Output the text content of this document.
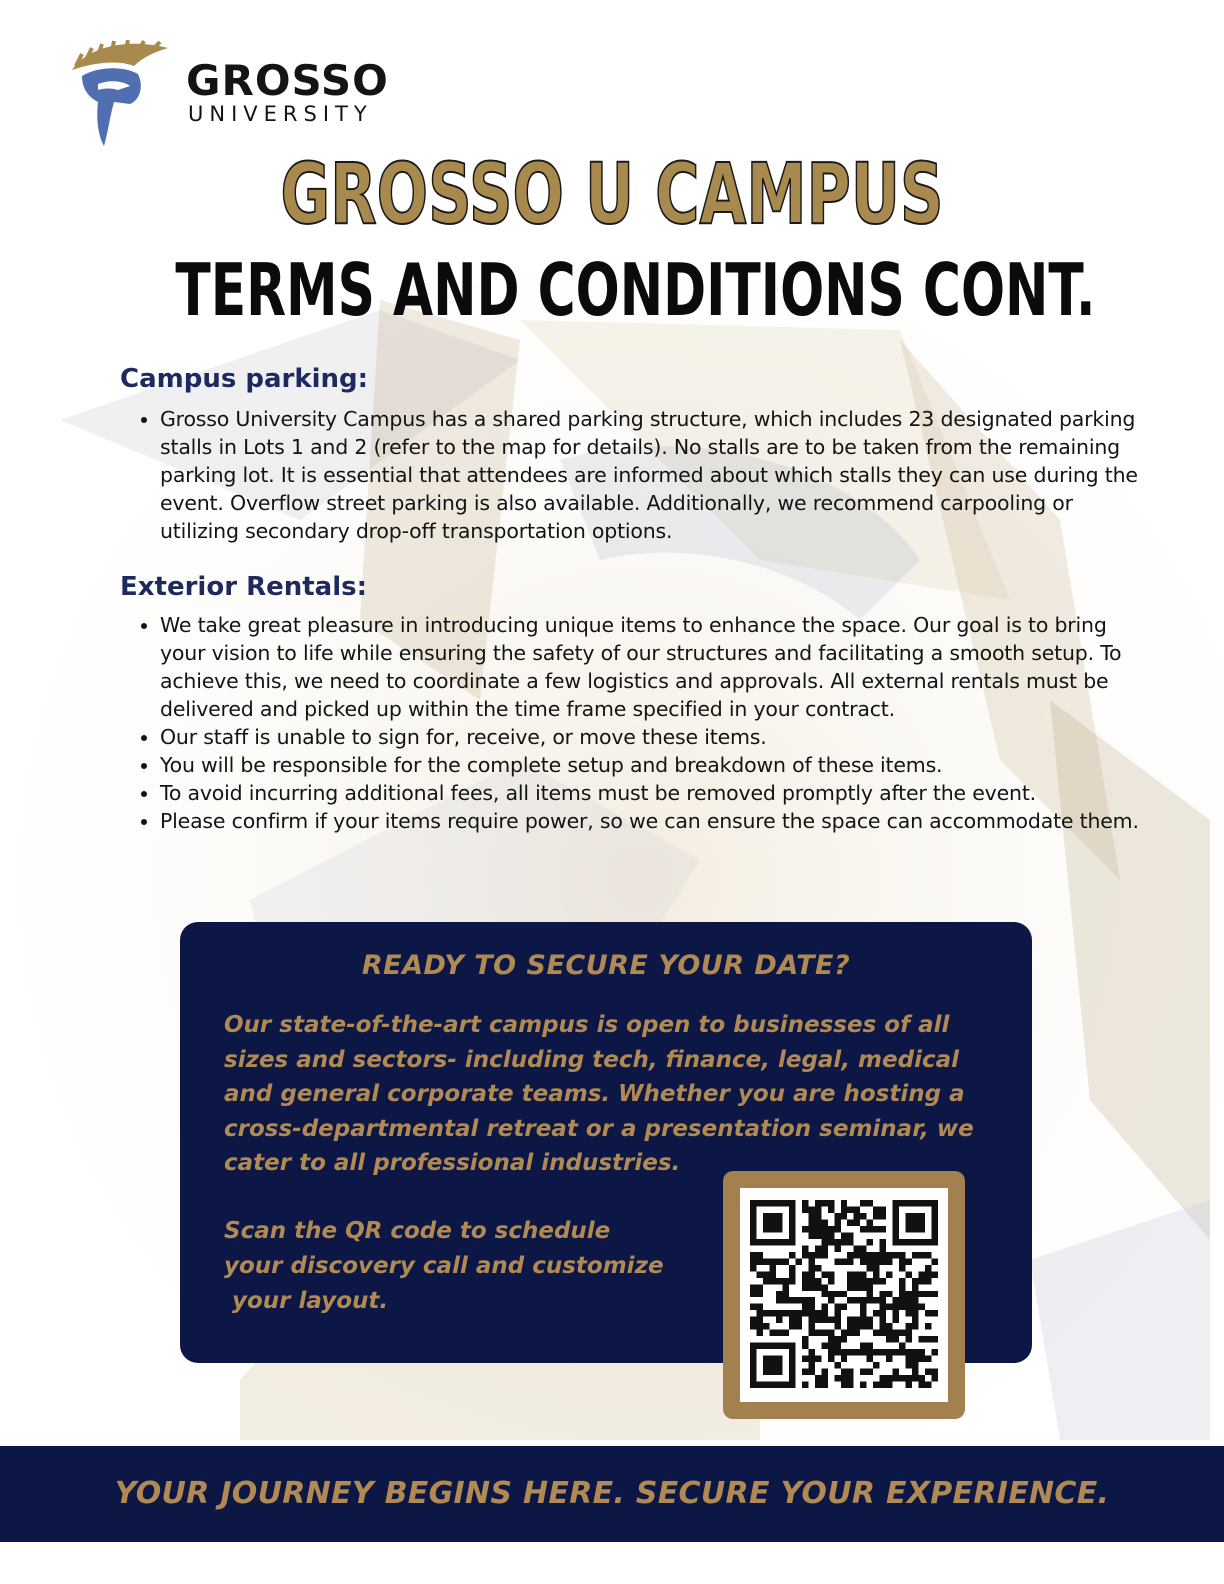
GROSSO
UNIVERSITY
GROSSO U CAMPUS
TERMS AND CONDITIONS CONT.
Campus parking:
• Grosso University Campus has a shared parking structure, which includes 23 designated parking stalls in Lots 1 and 2 (refer to the map for details). No stalls are to be taken from the remaining parking lot. It is essential that attendees are informed about which stalls they can use during the event. Overflow street parking is also available. Additionally, we recommend carpooling or utilizing secondary drop-off transportation options.
Exterior Rentals:
• We take great pleasure in introducing unique items to enhance the space. Our goal is to bring your vision to life while ensuring the safety of our structures and facilitating a smooth setup. To achieve this, we need to coordinate a few logistics and approvals. All external rentals must be delivered and picked up within the time frame specified in your contract.
• Our staff is unable to sign for, receive, or move these items.
• You will be responsible for the complete setup and breakdown of these items.
• To avoid incurring additional fees, all items must be removed promptly after the event.
• Please confirm if your items require power, so we can ensure the space can accommodate them.
READY TO SECURE YOUR DATE?

Our state-of-the-art campus is open to businesses of all sizes and sectors- including tech, finance, legal, medical and general corporate teams. Whether you are hosting a cross-departmental retreat or a presentation seminar, we cater to all professional industries.

Scan the QR code to schedule
your discovery call and customize
your layout.

YOUR JOURNEY BEGINS HERE. SECURE YOUR EXPERIENCE.
